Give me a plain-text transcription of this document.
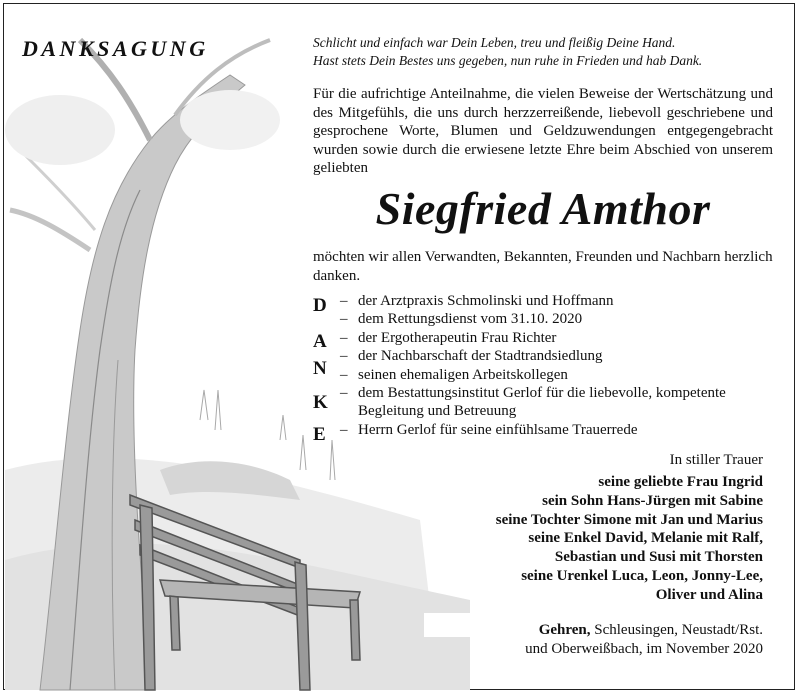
DANKSAGUNG	Schlicht und einfach war Dein Leben, treu und fleißig Deine Hand.
Hast stets Dein Bestes uns gegeben, nun ruhe in Frieden und hab Dank.
Für die aufrichtige Anteilnahme, die vielen Beweise der Wertschätzung und des Mitgefühls, die uns durch herzzerreißende, liebevoll geschriebene und gesprochene Worte, Blumen und Geldzuwendungen entgegengebracht wurden sowie durch die erwiesene letzte Ehre beim Abschied von unserem geliebten
Siegfried Amthor
möchten wir allen Verwandten, Bekannten, Freunden und Nachbarn herzlich danken.
D
A
N
K
E
– der Arztpraxis Schmolinski und Hoffmann
– dem Rettungsdienst vom 31.10. 2020
– der Ergotherapeutin Frau Richter
– der Nachbarschaft der Stadtrandsiedlung
– seinen ehemaligen Arbeitskollegen
– dem Bestattungsinstitut Gerlof für die liebevolle, kompetente
Begleitung und Betreuung
– Herrn Gerlof für seine einfühlsame Trauerrede
In stiller Trauer
seine geliebte Frau Ingrid
sein Sohn Hans-Jürgen mit Sabine
seine Tochter Simone mit Jan und Marius
seine Enkel David, Melanie mit Ralf,
Sebastian und Susi mit Thorsten
seine Urenkel Luca, Leon, Jonny-Lee,
Oliver und Alina
Gehren, Schleusingen, Neustadt/Rst.
und Oberweißbach, im November 2020
